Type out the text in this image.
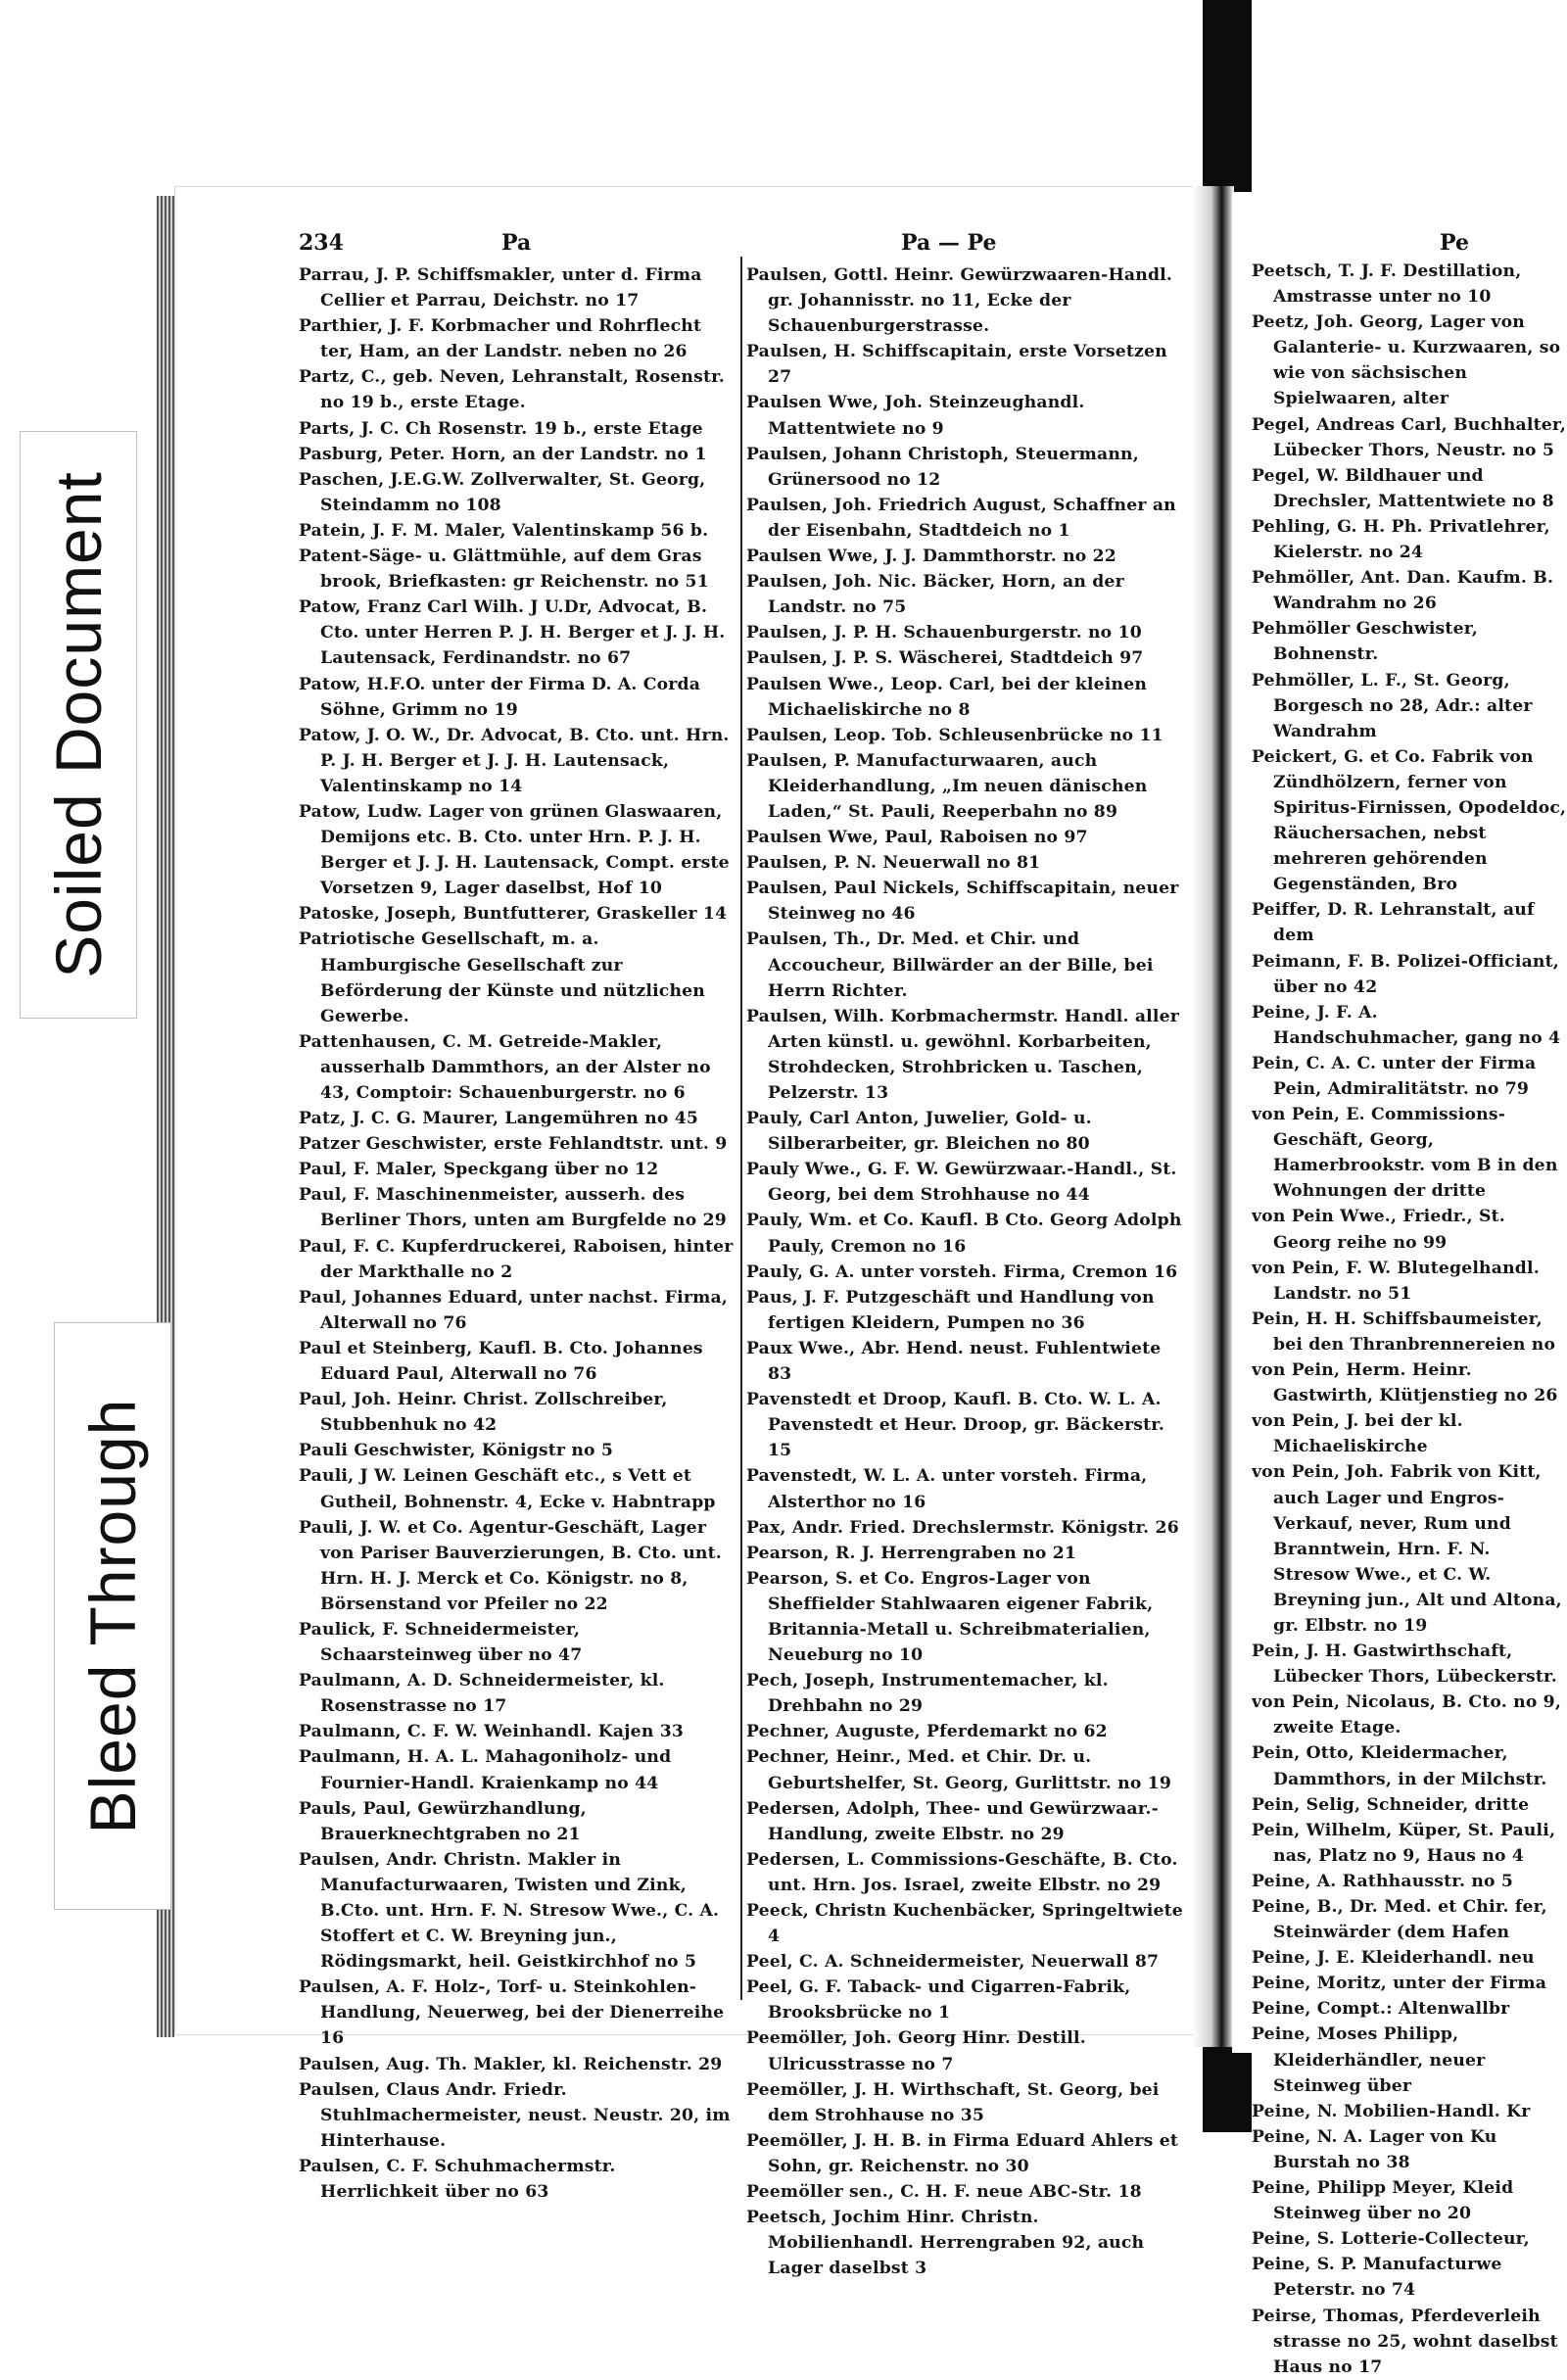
Soiled Document
Bleed Through
234	Pa	Pa — Pe	Pe
Parrau, J. P. Schiffsmakler, unter d. Firma Cellier et Parrau, Deichstr. no 17
Parthier, J. F. Korbmacher und Rohrflecht ter, Ham, an der Landstr. neben no 26
Partz, C., geb. Neven, Lehranstalt, Rosenstr. no 19 b., erste Etage.
Parts, J. C. Ch Rosenstr. 19 b., erste Etage
Pasburg, Peter. Horn, an der Landstr. no 1
Paschen, J.E.G.W. Zollverwalter, St. Georg, Steindamm no 108
Patein, J. F. M. Maler, Valentinskamp 56 b.
Patent-Säge- u. Glättmühle, auf dem Gras brook, Briefkasten: gr Reichenstr. no 51
Patow, Franz Carl Wilh. J U.Dr, Advocat, B. Cto. unter Herren P. J. H. Berger et J. J. H. Lautensack, Ferdinandstr. no 67
Patow, H.F.O. unter der Firma D. A. Corda Söhne, Grimm no 19
Patow, J. O. W., Dr. Advocat, B. Cto. unt. Hrn. P. J. H. Berger et J. J. H. Lautensack, Valentinskamp no 14
Patow, Ludw. Lager von grünen Glaswaaren, Demijons etc. B. Cto. unter Hrn. P. J. H. Berger et J. J. H. Lautensack, Compt. erste Vorsetzen 9, Lager daselbst, Hof 10
Patoske, Joseph, Buntfutterer, Graskeller 14
Patriotische Gesellschaft, m. a. Hamburgische Gesellschaft zur Beförderung der Künste und nützlichen Gewerbe.
Pattenhausen, C. M. Getreide-Makler, ausserhalb Dammthors, an der Alster no 43, Comptoir: Schauenburgerstr. no 6
Patz, J. C. G. Maurer, Langemühren no 45
Patzer Geschwister, erste Fehlandtstr. unt. 9
Paul, F. Maler, Speckgang über no 12
Paul, F. Maschinenmeister, ausserh. des Berliner Thors, unten am Burgfelde no 29
Paul, F. C. Kupferdruckerei, Raboisen, hinter der Markthalle no 2
Paul, Johannes Eduard, unter nachst. Firma, Alterwall no 76
Paul et Steinberg, Kaufl. B. Cto. Johannes Eduard Paul, Alterwall no 76
Paul, Joh. Heinr. Christ. Zollschreiber, Stubbenhuk no 42
Pauli Geschwister, Königstr no 5
Pauli, J W. Leinen Geschäft etc., s Vett et Gutheil, Bohnenstr. 4, Ecke v. Habntrapp
Pauli, J. W. et Co. Agentur-Geschäft, Lager von Pariser Bauverzierungen, B. Cto. unt. Hrn. H. J. Merck et Co. Königstr. no 8, Börsenstand vor Pfeiler no 22
Paulick, F. Schneidermeister, Schaarsteinweg über no 47
Paulmann, A. D. Schneidermeister, kl. Rosenstrasse no 17
Paulmann, C. F. W. Weinhandl. Kajen 33
Paulmann, H. A. L. Mahagoniholz- und Fournier-Handl. Kraienkamp no 44
Pauls, Paul, Gewürzhandlung, Brauerknechtgraben no 21
Paulsen, Andr. Christn. Makler in Manufacturwaaren, Twisten und Zink, B.Cto. unt. Hrn. F. N. Stresow Wwe., C. A. Stoffert et C. W. Breyning jun., Rödingsmarkt, heil. Geistkirchhof no 5
Paulsen, A. F. Holz-, Torf- u. Steinkohlen-Handlung, Neuerweg, bei der Dienerreihe 16
Paulsen, Aug. Th. Makler, kl. Reichenstr. 29
Paulsen, Claus Andr. Friedr. Stuhlmachermeister, neust. Neustr. 20, im Hinterhause.
Paulsen, C. F. Schuhmachermstr. Herrlichkeit über no 63
Paulsen, Gottl. Heinr. Gewürzwaaren-Handl. gr. Johannisstr. no 11, Ecke der Schauenburgerstrasse.
Paulsen, H. Schiffscapitain, erste Vorsetzen 27
Paulsen Wwe, Joh. Steinzeughandl. Mattentwiete no 9
Paulsen, Johann Christoph, Steuermann, Grünersood no 12
Paulsen, Joh. Friedrich August, Schaffner an der Eisenbahn, Stadtdeich no 1
Paulsen Wwe, J. J. Dammthorstr. no 22
Paulsen, Joh. Nic. Bäcker, Horn, an der Landstr. no 75
Paulsen, J. P. H. Schauenburgerstr. no 10
Paulsen, J. P. S. Wäscherei, Stadtdeich 97
Paulsen Wwe., Leop. Carl, bei der kleinen Michaeliskirche no 8
Paulsen, Leop. Tob. Schleusenbrücke no 11
Paulsen, P. Manufacturwaaren, auch Kleiderhandlung, „Im neuen dänischen Laden,“ St. Pauli, Reeperbahn no 89
Paulsen Wwe, Paul, Raboisen no 97
Paulsen, P. N. Neuerwall no 81
Paulsen, Paul Nickels, Schiffscapitain, neuer Steinweg no 46
Paulsen, Th., Dr. Med. et Chir. und Accoucheur, Billwärder an der Bille, bei Herrn Richter.
Paulsen, Wilh. Korbmachermstr. Handl. aller Arten künstl. u. gewöhnl. Korbarbeiten, Strohdecken, Strohbricken u. Taschen, Pelzerstr. 13
Pauly, Carl Anton, Juwelier, Gold- u. Silberarbeiter, gr. Bleichen no 80
Pauly Wwe., G. F. W. Gewürzwaar.-Handl., St. Georg, bei dem Strohhause no 44
Pauly, Wm. et Co. Kaufl. B Cto. Georg Adolph Pauly, Cremon no 16
Pauly, G. A. unter vorsteh. Firma, Cremon 16
Paus, J. F. Putzgeschäft und Handlung von fertigen Kleidern, Pumpen no 36
Paux Wwe., Abr. Hend. neust. Fuhlentwiete 83
Pavenstedt et Droop, Kaufl. B. Cto. W. L. A. Pavenstedt et Heur. Droop, gr. Bäckerstr. 15
Pavenstedt, W. L. A. unter vorsteh. Firma, Alsterthor no 16
Pax, Andr. Fried. Drechslermstr. Königstr. 26
Pearson, R. J. Herrengraben no 21
Pearson, S. et Co. Engros-Lager von Sheffielder Stahlwaaren eigener Fabrik, Britannia-Metall u. Schreibmaterialien, Neueburg no 10
Pech, Joseph, Instrumentemacher, kl. Drehbahn no 29
Pechner, Auguste, Pferdemarkt no 62
Pechner, Heinr., Med. et Chir. Dr. u. Geburtshelfer, St. Georg, Gurlittstr. no 19
Pedersen, Adolph, Thee- und Gewürzwaar.-Handlung, zweite Elbstr. no 29
Pedersen, L. Commissions-Geschäfte, B. Cto. unt. Hrn. Jos. Israel, zweite Elbstr. no 29
Peeck, Christn Kuchenbäcker, Springeltwiete 4
Peel, C. A. Schneidermeister, Neuerwall 87
Peel, G. F. Taback- und Cigarren-Fabrik, Brooksbrücke no 1
Peemöller, Joh. Georg Hinr. Destill. Ulricusstrasse no 7
Peemöller, J. H. Wirthschaft, St. Georg, bei dem Strohhause no 35
Peemöller, J. H. B. in Firma Eduard Ahlers et Sohn, gr. Reichenstr. no 30
Peemöller sen., C. H. F. neue ABC-Str. 18
Peetsch, Jochim Hinr. Christn. Mobilienhandl. Herrengraben 92, auch Lager daselbst 3
Peetsch, T. J. F. Destillation, Amstrasse unter no 10
Peetz, Joh. Georg, Lager von Galanterie- u. Kurzwaaren, so wie von sächsischen Spielwaaren, alter
Pegel, Andreas Carl, Buchhalter, Lübecker Thors, Neustr. no 5
Pegel, W. Bildhauer und Drechsler, Mattentwiete no 8
Pehling, G. H. Ph. Privatlehrer, Kielerstr. no 24
Pehmöller, Ant. Dan. Kaufm. B. Wandrahm no 26
Pehmöller Geschwister, Bohnenstr.
Pehmöller, L. F., St. Georg, Borgesch no 28, Adr.: alter Wandrahm
Peickert, G. et Co. Fabrik von Zündhölzern, ferner von Spiritus-Firnissen, Opodeldoc, Räuchersachen, nebst mehreren gehörenden Gegenständen, Bro
Peiffer, D. R. Lehranstalt, auf dem
Peimann, F. B. Polizei-Officiant, über no 42
Peine, J. F. A. Handschuhmacher, gang no 4
Pein, C. A. C. unter der Firma Pein, Admiralitätstr. no 79
von Pein, E. Commissions-Geschäft, Georg, Hamerbrookstr. vom B in den Wohnungen der dritte
von Pein Wwe., Friedr., St. Georg reihe no 99
von Pein, F. W. Blutegelhandl. Landstr. no 51
Pein, H. H. Schiffsbaumeister, bei den Thranbrennereien no
von Pein, Herm. Heinr. Gastwirth, Klütjenstieg no 26
von Pein, J. bei der kl. Michaeliskirche
von Pein, Joh. Fabrik von Kitt, auch Lager und Engros-Verkauf, never, Rum und Branntwein, Hrn. F. N. Stresow Wwe., et C. W. Breyning jun., Alt und Altona, gr. Elbstr. no 19
Pein, J. H. Gastwirthschaft, Lübecker Thors, Lübeckerstr.
von Pein, Nicolaus, B. Cto. no 9, zweite Etage.
Pein, Otto, Kleidermacher, Dammthors, in der Milchstr.
Pein, Selig, Schneider, dritte
Pein, Wilhelm, Küper, St. Pauli, nas, Platz no 9, Haus no 4
Peine, A. Rathhausstr. no 5
Peine, B., Dr. Med. et Chir. fer, Steinwärder (dem Hafen
Peine, J. E. Kleiderhandl. neu
Peine, Moritz, unter der Firma
Peine, Compt.: Altenwallbr
Peine, Moses Philipp, Kleiderhändler, neuer Steinweg über
Peine, N. Mobilien-Handl. Kr
Peine, N. A. Lager von Ku Burstah no 38
Peine, Philipp Meyer, Kleid Steinweg über no 20
Peine, S. Lotterie-Collecteur,
Peine, S. P. Manufacturwe Peterstr. no 74
Peirse, Thomas, Pferdeverleih strasse no 25, wohnt daselbst Haus no 17
